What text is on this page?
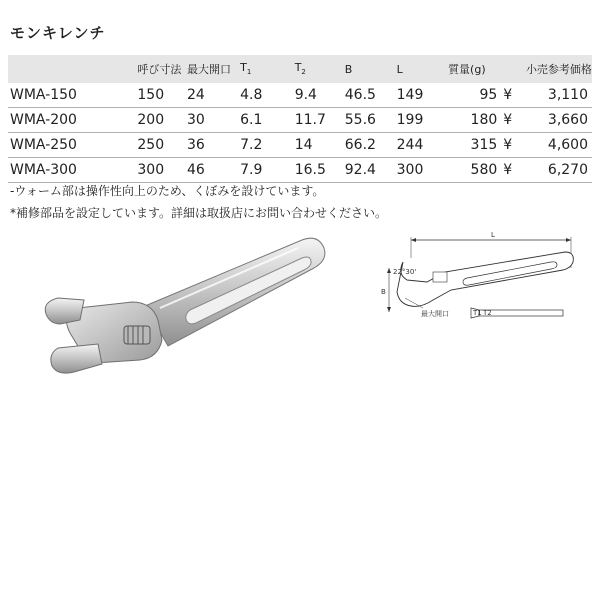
モンキレンチ
	呼び寸法	最大開口	$T_1$	$T_2$	B	L	質量(g)		小売参考価格
WMA-150	150	24	4.8	9.4	46.5	149	95	¥	3,110
WMA-200	200	30	6.1	11.7	55.6	199	180	¥	3,660
WMA-250	250	36	7.2	14	66.2	244	315	¥	4,600
WMA-300	300	46	7.9	16.5	92.4	300	580	¥	6,270
-ウォーム部は操作性向上のため、くぼみを設けています。
*補修部品を設定しています。詳細は取扱店にお問い合わせください。
L
B
22°30'
最大開口	T1 T2
